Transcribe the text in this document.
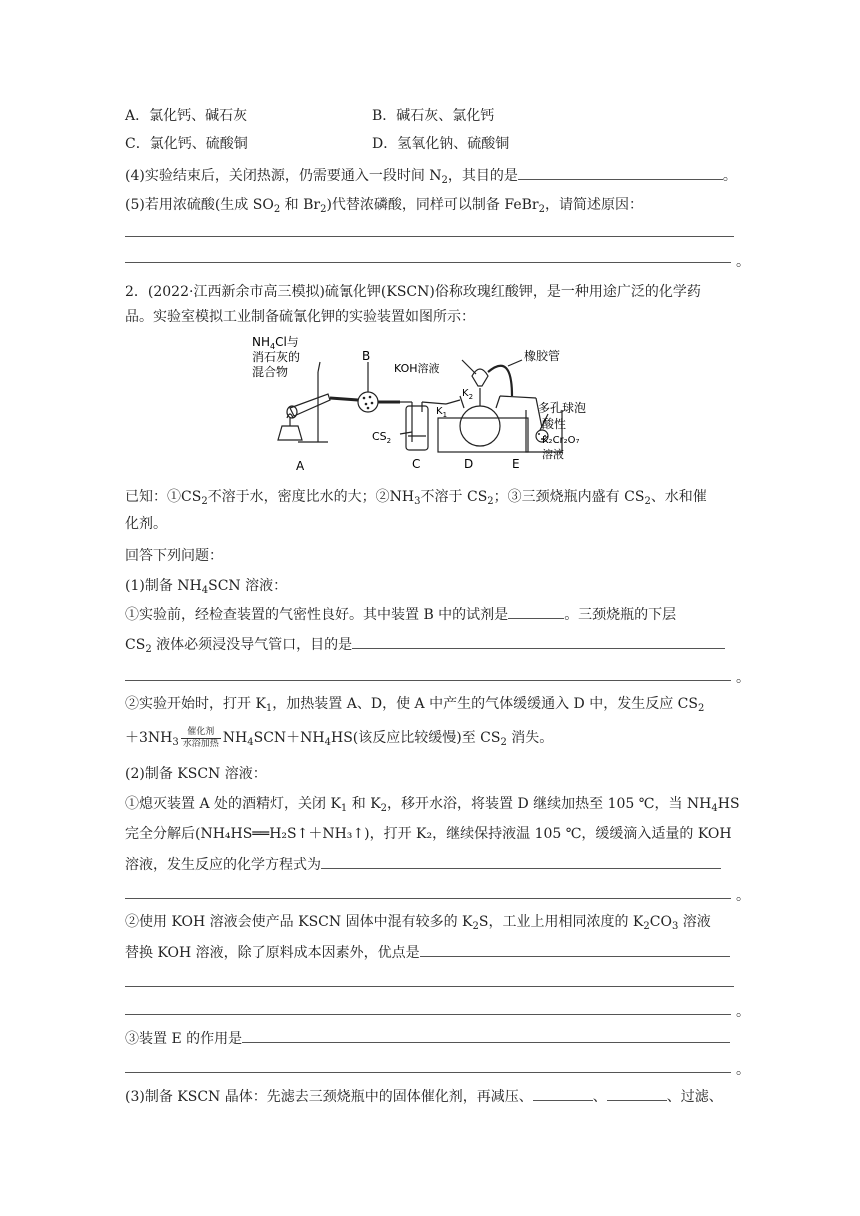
A．氯化钙、碱石灰	B．碱石灰、氯化钙
C．氯化钙、硫酸铜	D．氢氧化钠、硫酸铜
(4)实验结束后，关闭热源，仍需要通入一段时间 $N_2$，其目的是	。
(5)若用浓硫酸(生成 $SO_2$ 和 $Br_2$)代替浓磷酸，同样可以制备 FeBr$_2$，请简述原因：
。
2．(2022·江西新余市高三模拟)硫氰化钾(KSCN)俗称玫瑰红酸钾，是一种用途广泛的化学药
品。实验室模拟工业制备硫氰化钾的实验装置如图所示：
$NH_4Cl$与
消石灰的
混合物
B
KOH溶液
$K_2$
橡胶管
$K_1$
$CS_2$
多孔球泡
酸性
K₂Cr₂O₇
溶液
A	C	D	E
已知：$①CS_2$不溶于水，密度比水的大；$②NH_3$不溶于 $CS_2$；③三颈烧瓶内盛有 $CS_2$、水和催
化剂。
回答下列问题：
(1)制备 $NH_4SCN$ 溶液：
①实验前，经检查装置的气密性良好。其中装置 B 中的试剂是	。三颈烧瓶的下层
$CS_2$ 液体必须浸没导气管口，目的是
。
②实验开始时，打开 $K_1$，加热装置 A、D，使 A 中产生的气体缓缓通入 D 中，发生反应 $CS_2$
$+3NH_3 \frac{\text{催化剂}}{\text{水浴加热}} NH_4SCN+NH_4HS$(该反应比较缓慢)至 $CS_2$ 消失。
(2)制备 KSCN 溶液：
①熄灭装置 A 处的酒精灯，关闭 $K_1$ 和 $K_2$，移开水浴，将装置 D 继续加热至 105 ℃，当 $NH_4HS$
完全分解后(NH₄HS══H₂S↑＋NH₃↑)，打开 K₂，继续保持液温 105 ℃，缓缓滴入适量的 KOH
溶液，发生反应的化学方程式为
。
②使用 KOH 溶液会使产品 KSCN 固体中混有较多的 $K_2S$，工业上用相同浓度的 $K_2CO_3$ 溶液
替换 KOH 溶液，除了原料成本因素外，优点是
。
③装置 E 的作用是
。
(3)制备 KSCN 晶体：先滤去三颈烧瓶中的固体催化剂，再减压、	、	、过滤、
